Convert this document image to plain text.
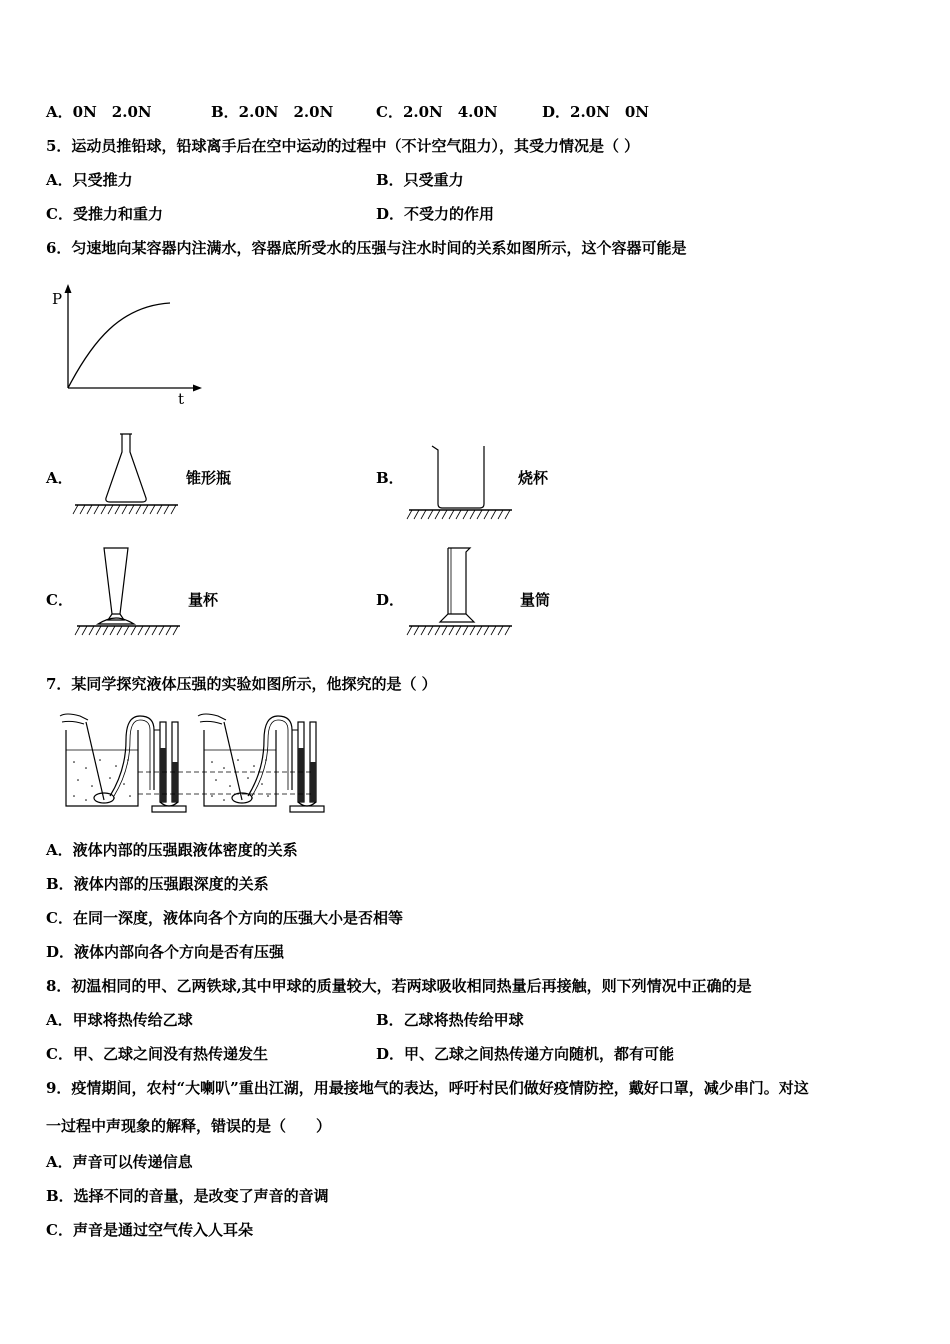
A．0N　2.0N	B．2.0N　2.0N	C．2.0N　4.0N	D．2.0N　0N
5．运动员推铅球，铅球离手后在空中运动的过程中（不计空气阻力），其受力情况是（ ）
A．只受推力	B．只受重力
C．受推力和重力	D．不受力的作用
6．匀速地向某容器内注满水，容器底所受水的压强与注水时间的关系如图所示，这个容器可能是
P
t
A．	锥形瓶	B．	烧杯
C．	量杯	D．	量筒
7．某同学探究液体压强的实验如图所示，他探究的是（ ）
A．液体内部的压强跟液体密度的关系
B．液体内部的压强跟深度的关系
C．在同一深度，液体向各个方向的压强大小是否相等
D．液体内部向各个方向是否有压强
8．初温相同的甲、乙两铁球,其中甲球的质量较大，若两球吸收相同热量后再接触，则下列情况中正确的是
A．甲球将热传给乙球	B．乙球将热传给甲球
C．甲、乙球之间没有热传递发生	D．甲、乙球之间热传递方向随机，都有可能
9．疫情期间，农村“大喇叭”重出江湖，用最接地气的表达，呼吁村民们做好疫情防控，戴好口罩，减少串门。对这
一过程中声现象的解释，错误的是（　　）
A．声音可以传递信息
B．选择不同的音量，是改变了声音的音调
C．声音是通过空气传入人耳朵
